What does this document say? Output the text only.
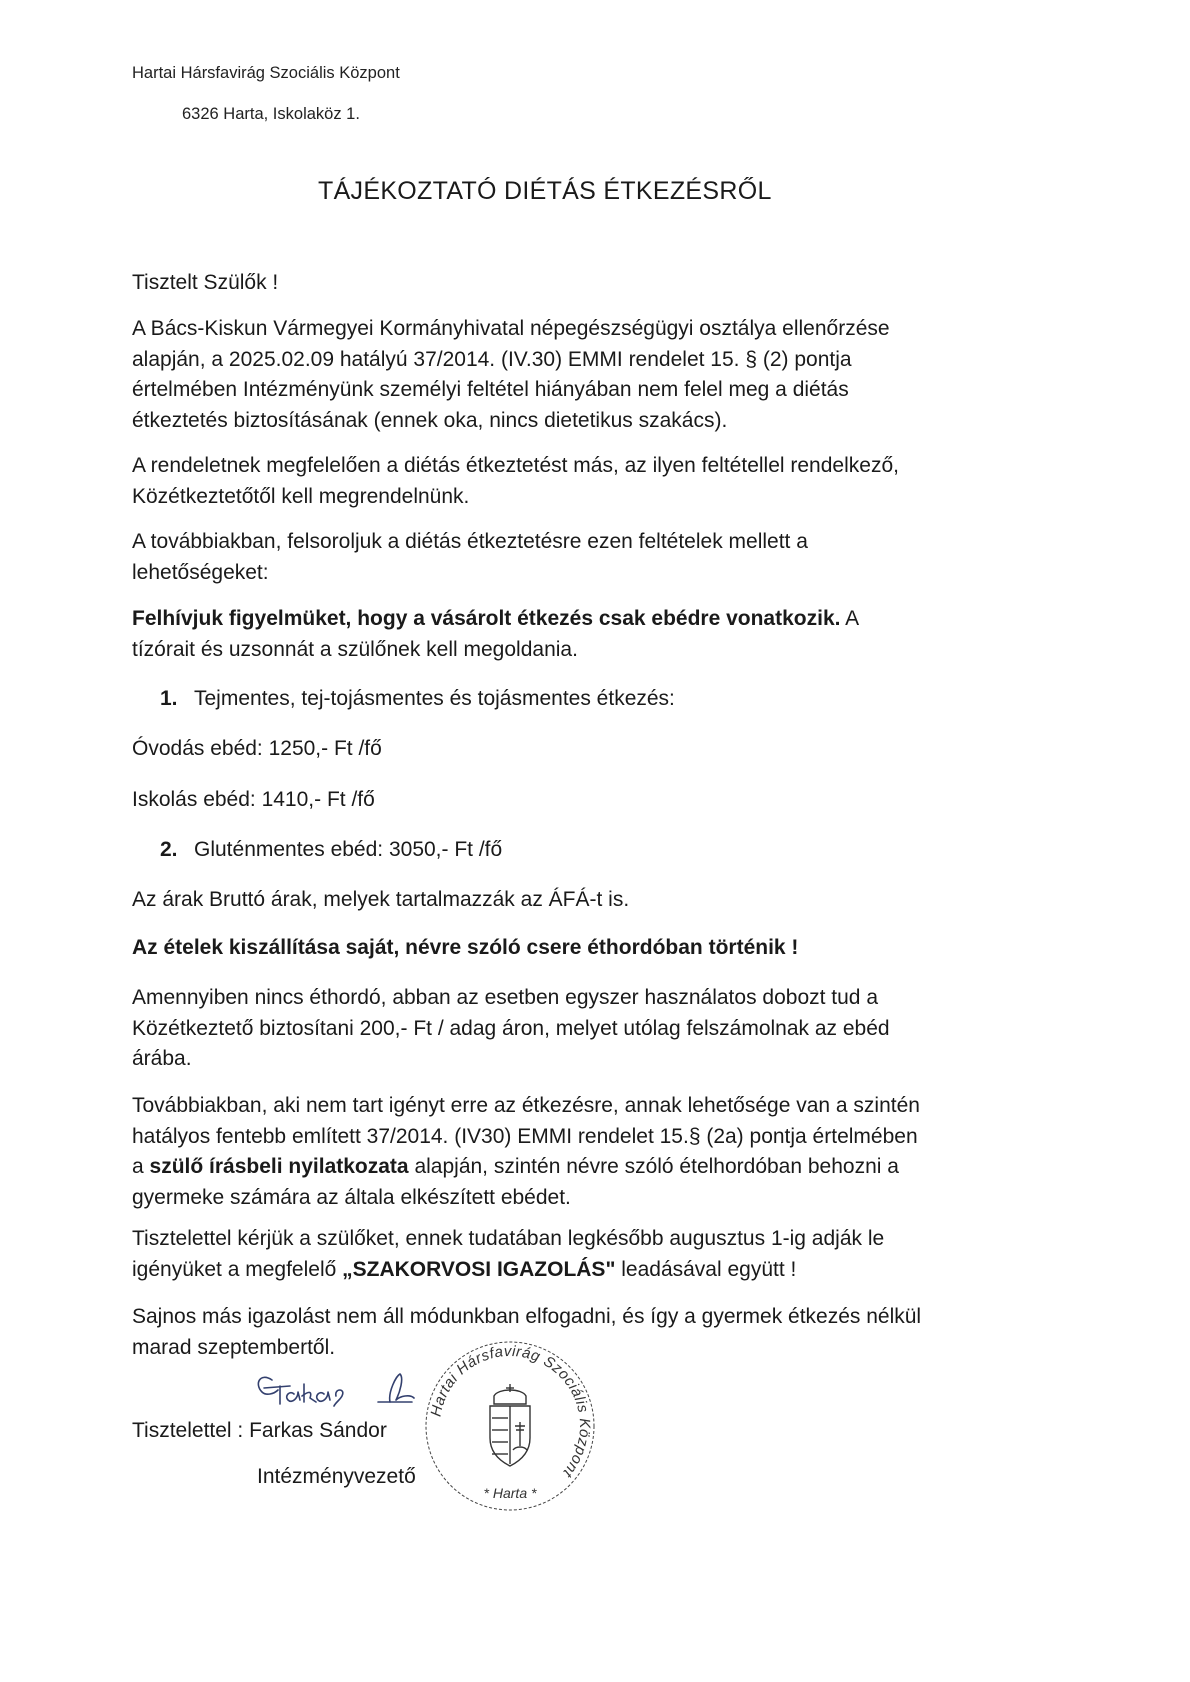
Hartai Hársfavirág Szociális Központ
6326 Harta, Iskolaköz 1.
TÁJÉKOZTATÓ DIÉTÁS ÉTKEZÉSRŐL
Tisztelt Szülők !
A Bács-Kiskun Vármegyei Kormányhivatal népegészségügyi osztálya ellenőrzése
alapján, a 2025.02.09 hatályú 37/2014. (IV.30) EMMI rendelet 15. § (2) pontja
értelmében Intézményünk személyi feltétel hiányában nem felel meg a diétás
étkeztetés biztosításának (ennek oka, nincs dietetikus szakács).
A rendeletnek megfelelően a diétás étkeztetést más, az ilyen feltétellel rendelkező,
Közétkeztetőtől kell megrendelnünk.
A továbbiakban, felsoroljuk a diétás étkeztetésre ezen feltételek mellett a
lehetőségeket:
Felhívjuk figyelmüket, hogy a vásárolt étkezés csak ebédre vonatkozik. A
tízórait és uzsonnát a szülőnek kell megoldania.
1. Tejmentes, tej-tojásmentes és tojásmentes étkezés:
Óvodás ebéd: 1250,- Ft /fő
Iskolás ebéd: 1410,- Ft /fő
2. Gluténmentes ebéd: 3050,- Ft /fő
Az árak Bruttó árak, melyek tartalmazzák az ÁFÁ-t is.
Az ételek kiszállítása saját, névre szóló csere éthordóban történik !
Amennyiben nincs éthordó, abban az esetben egyszer használatos dobozt tud a
Közétkeztető biztosítani 200,- Ft / adag áron, melyet utólag felszámolnak az ebéd
árába.
Továbbiakban, aki nem tart igényt erre az étkezésre, annak lehetősége van a szintén
hatályos fentebb említett 37/2014. (IV30) EMMI rendelet 15.§ (2a) pontja értelmében
a szülő írásbeli nyilatkozata alapján, szintén névre szóló ételhordóban behozni a
gyermeke számára az általa elkészített ebédet.
Tisztelettel kérjük a szülőket, ennek tudatában legkésőbb augusztus 1-ig adják le
igényüket a megfelelő „SZAKORVOSI IGAZOLÁS" leadásával együtt !
Sajnos más igazolást nem áll módunkban elfogadni, és így a gyermek étkezés nélkül
marad szeptembertől.
Tisztelettel : Farkas Sándor
Intézményvezető
Hartai Hársfavirág Szociális Központ
* Harta *
